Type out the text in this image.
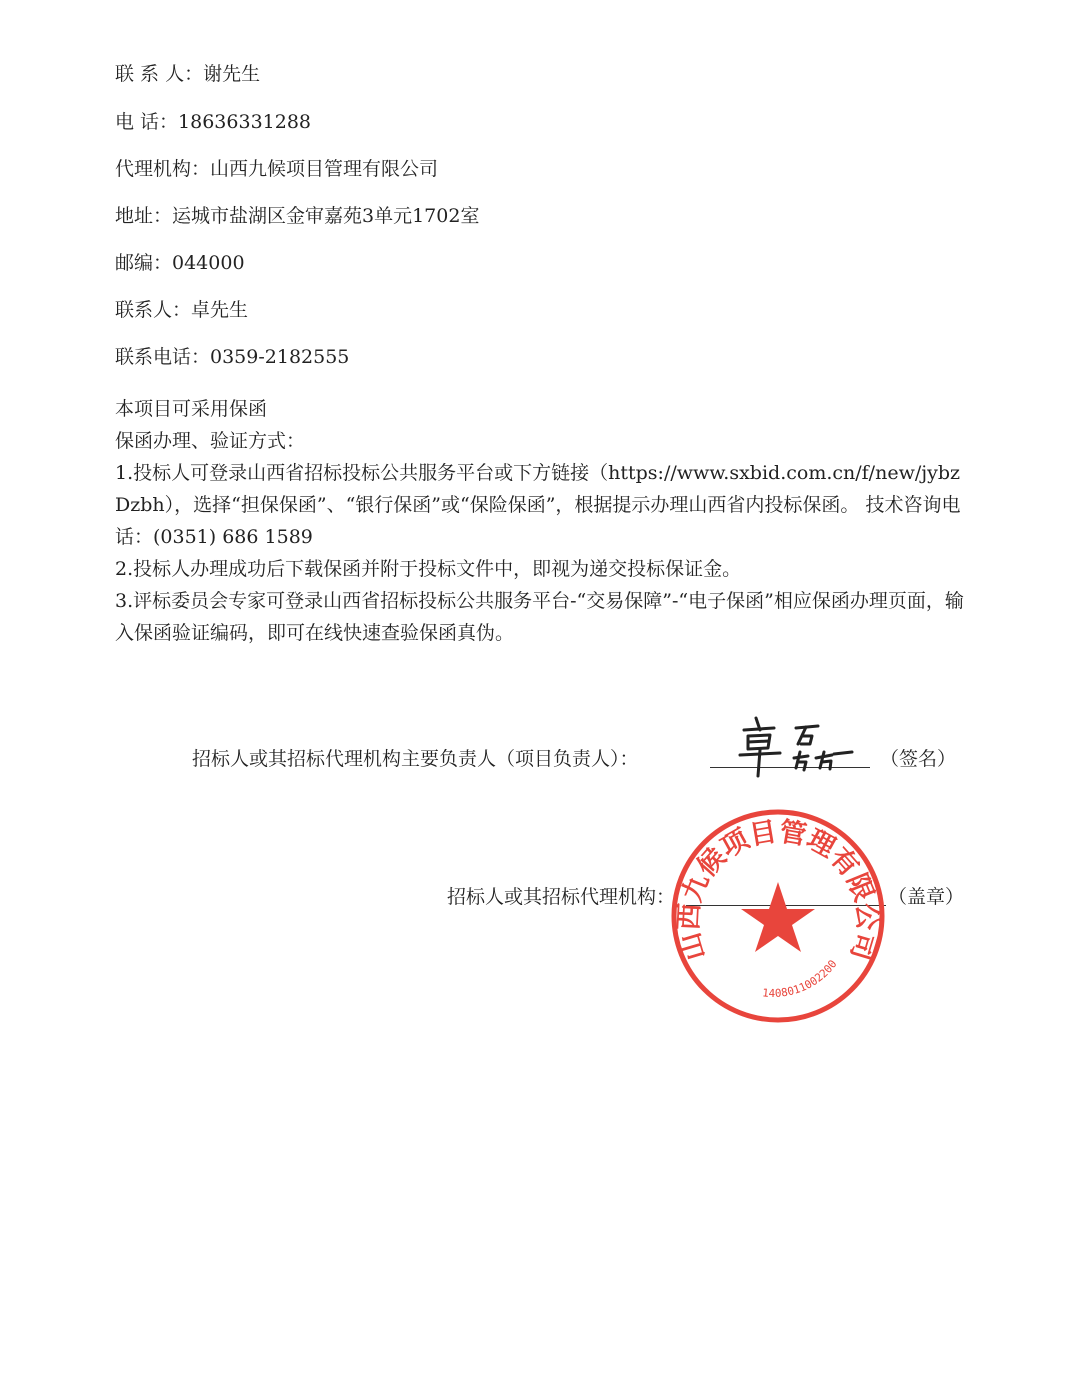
联 系 人：谢先生
电 话：18636331288
代理机构：山西九候项目管理有限公司
地址：运城市盐湖区金审嘉苑3单元1702室
邮编：044000
联系人：卓先生
联系电话：0359-2182555

本项目可采用保函

保函办理、验证方式：

1.投标人可登录山西省招标投标公共服务平台或下方链接（https://www.sxbid.com.cn/f/new/jybzDzbh），选择“担保保函”、“银行保函”或“保险保函”，根据提示办理山西省内投标保函。 技术咨询电话：(0351) 686 1589

2.投标人办理成功后下载保函并附于投标文件中，即视为递交投标保证金。

3.评标委员会专家可登录山西省招标投标公共服务平台-“交易保障”-“电子保函”相应保函办理页面，输入保函验证编码，即可在线快速查验保函真伪。

招标人或其招标代理机构主要负责人（项目负责人）：	（签名）
招标人或其招标代理机构：	（盖章）
山西九候项目管理有限公司
1408011002200
